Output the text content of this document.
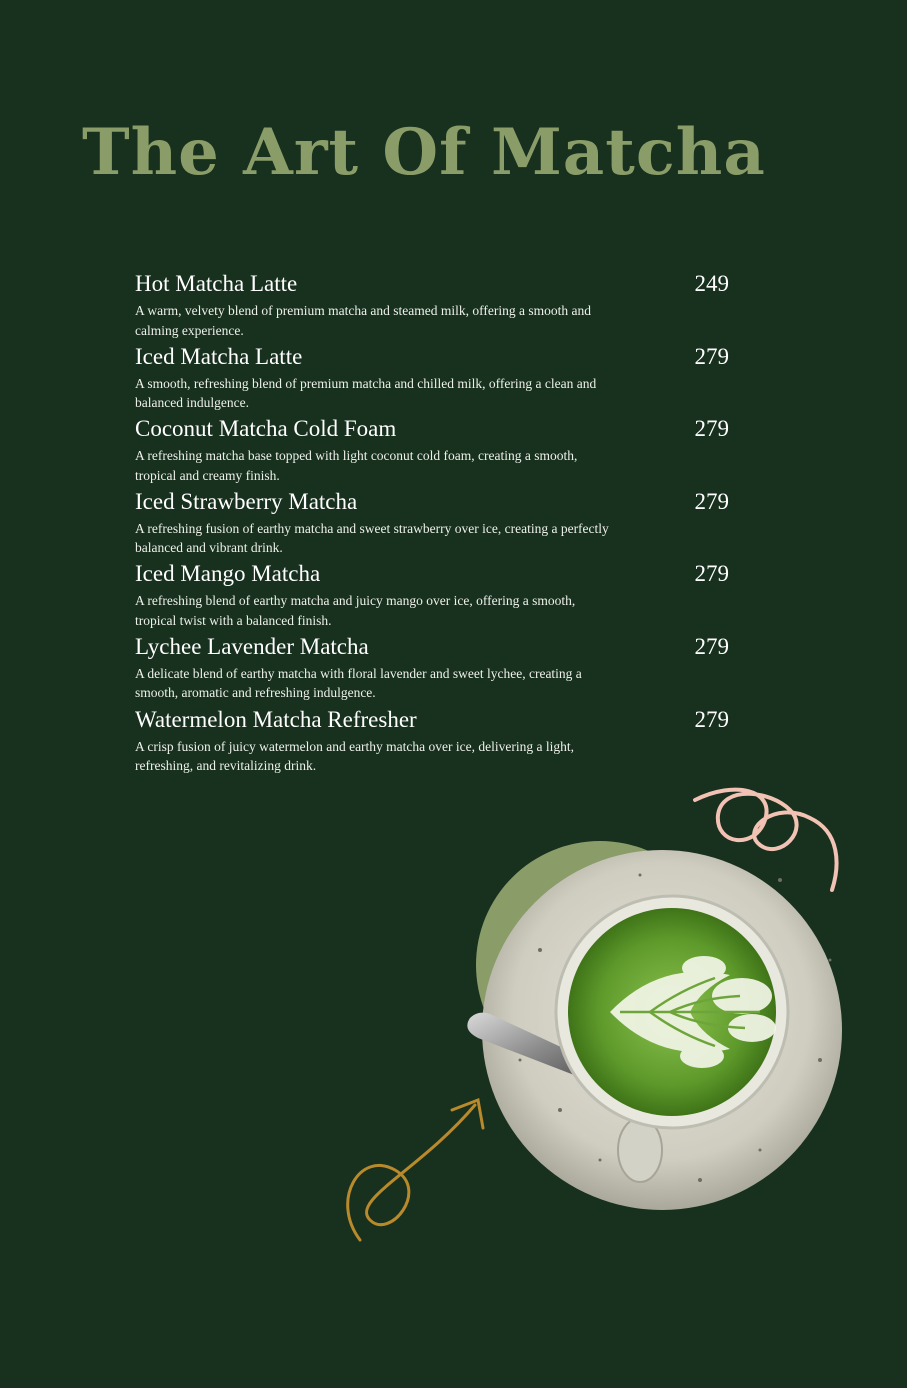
The Art Of Matcha
Hot Matcha Latte	249
A warm, velvety blend of premium matcha and steamed milk, offering a smooth and calming experience.
Iced Matcha Latte	279
A smooth, refreshing blend of premium matcha and chilled milk, offering a clean and balanced indulgence.
Coconut Matcha Cold Foam	279
A refreshing matcha base topped with light coconut cold foam, creating a smooth, tropical and creamy finish.
Iced Strawberry Matcha	279
A refreshing fusion of earthy matcha and sweet strawberry over ice, creating a perfectly balanced and vibrant drink.
Iced Mango Matcha	279
A refreshing blend of earthy matcha and juicy mango over ice, offering a smooth, tropical twist with a balanced finish.
Lychee Lavender Matcha	279
A delicate blend of earthy matcha with floral lavender and sweet lychee, creating a smooth, aromatic and refreshing indulgence.
Watermelon Matcha Refresher	279
A crisp fusion of juicy watermelon and earthy matcha over ice, delivering a light, refreshing, and revitalizing drink.
